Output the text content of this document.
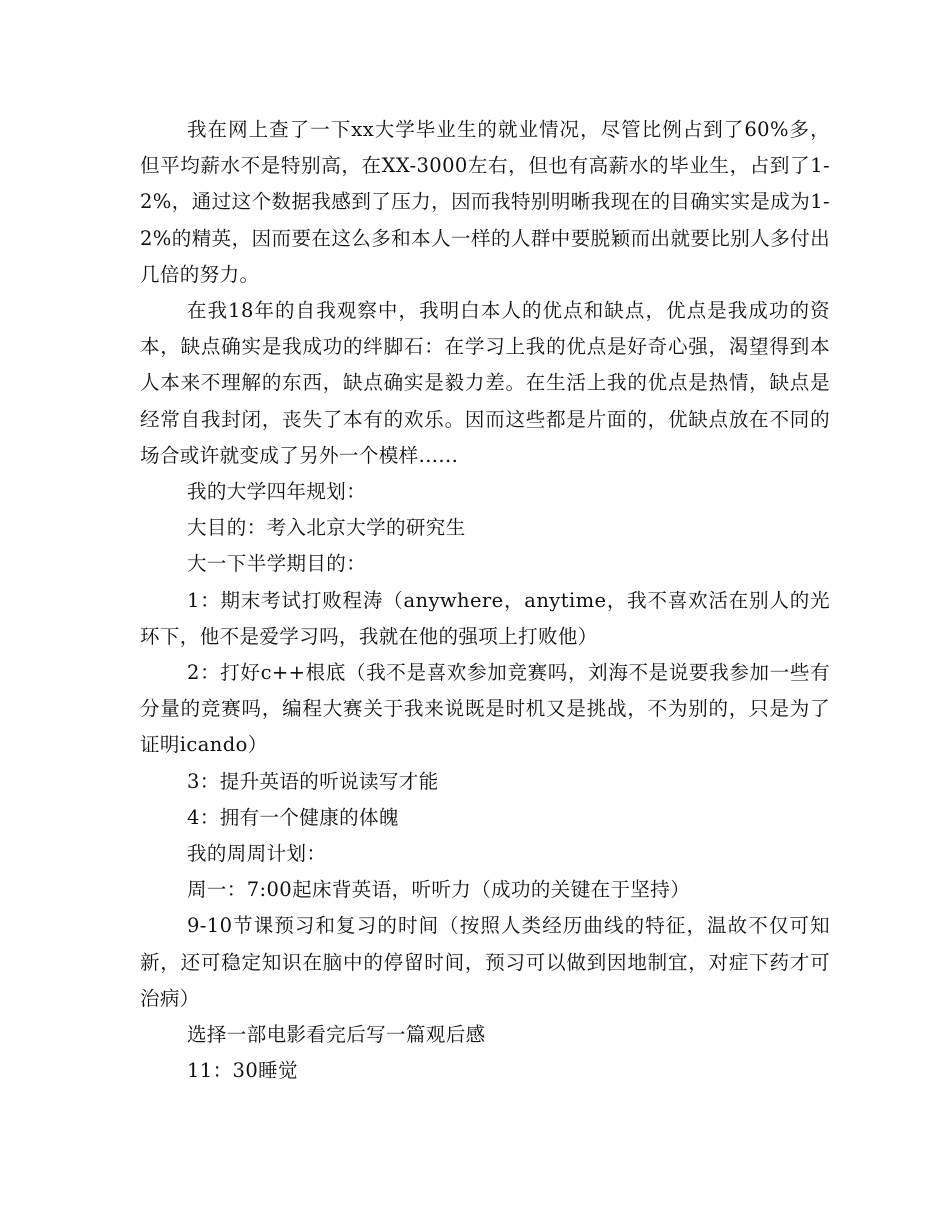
我在网上查了一下xx大学毕业生的就业情况，尽管比例占到了60%多，但平均薪水不是特别高，在XX-3000左右，但也有高薪水的毕业生，占到了1-2%，通过这个数据我感到了压力，因而我特别明晰我现在的目确实实是成为1-2%的精英，因而要在这么多和本人一样的人群中要脱颖而出就要比别人多付出几倍的努力。

在我18年的自我观察中，我明白本人的优点和缺点，优点是我成功的资本，缺点确实是我成功的绊脚石：在学习上我的优点是好奇心强，渴望得到本人本来不理解的东西，缺点确实是毅力差。在生活上我的优点是热情，缺点是经常自我封闭，丧失了本有的欢乐。因而这些都是片面的，优缺点放在不同的场合或许就变成了另外一个模样......

我的大学四年规划：

大目的：考入北京大学的研究生

大一下半学期目的：

1：期末考试打败程涛（anywhere，anytime，我不喜欢活在别人的光环下，他不是爱学习吗，我就在他的强项上打败他）

2：打好c++根底（我不是喜欢参加竞赛吗，刘海不是说要我参加一些有分量的竞赛吗，编程大赛关于我来说既是时机又是挑战，不为别的，只是为了证明icando）

3：提升英语的听说读写才能

4：拥有一个健康的体魄

我的周周计划：

周一：7:00起床背英语，听听力（成功的关键在于坚持）

9-10节课预习和复习的时间（按照人类经历曲线的特征，温故不仅可知新，还可稳定知识在脑中的停留时间，预习可以做到因地制宜，对症下药才可治病）

选择一部电影看完后写一篇观后感

11：30睡觉
